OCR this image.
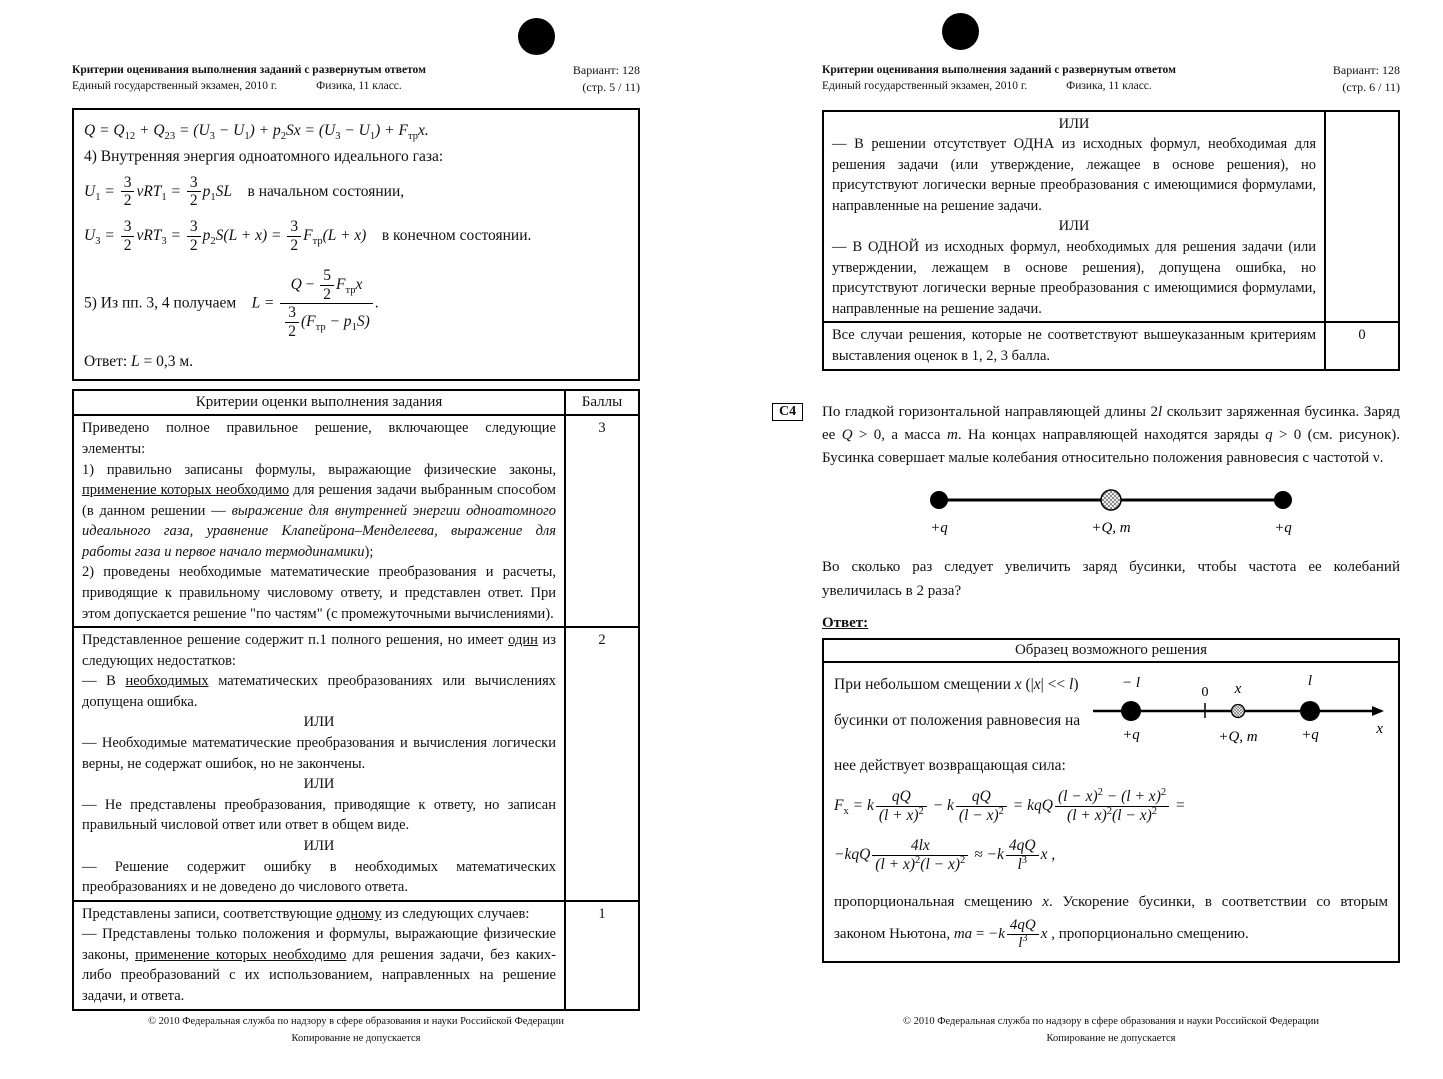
Критерии оценивания выполнения заданий с развернутым ответом
Единый государственный экзамен, 2010 г.	Физика, 11 класс.
Вариант: 128
(стр. 5 / 11)
$Q = Q_{12} + Q_{23} = (U_3 - U_1) + p_2Sx = (U_3 - U_1) + F_{тр}x$.
4) Внутренняя энергия одноатомного идеального газа:
$U_1 = \frac{3}{2} \nu RT_1 = \frac{3}{2} p_1SL$ в начальном состоянии,
$U_3 = \frac{3}{2} \nu RT_3 = \frac{3}{2} p_2S(L + x) = \frac{3}{2} F_{тр}(L + x)$ в конечном состоянии.
5) Из пп. 3, 4 получаем $L = \frac{Q - \frac{5}{2} F_{тр}x}{\frac{3}{2} (F_{тр} - p_1S)}$ .
Ответ: L = 0,3 м.
Критерии оценки выполнения задания	Баллы

Приведено полное правильное решение, включающее следующие элементы:
1) правильно записаны формулы, выражающие физические законы, применение которых необходимо для решения задачи выбранным способом (в данном решении — выражение для внутренней энергии одноатомного идеального газа, уравнение Клапейрона–Менделеева, выражение для работы газа и первое начало термодинамики);
2) проведены необходимые математические преобразования и расчеты, приводящие к правильному числовому ответу, и представлен ответ. При этом допускается решение "по частям" (с промежуточными вычислениями).	3

Представленное решение содержит п.1 полного решения, но имеет один из следующих недостатков:
— В необходимых математических преобразованиях или вычислениях допущена ошибка.
ИЛИ
— Необходимые математические преобразования и вычисления логически верны, не содержат ошибок, но не закончены.
ИЛИ
— Не представлены преобразования, приводящие к ответу, но записан правильный числовой ответ или ответ в общем виде.
ИЛИ
— Решение содержит ошибку в необходимых математических преобразованиях и не доведено до числового ответа.
	2

Представлены записи, соответствующие одному из следующих случаев:
— Представлены только положения и формулы, выражающие физические законы, применение которых необходимо для решения задачи, без каких-либо преобразований с их использованием, направленных на решение задачи, и ответа.	1
© 2010 Федеральная служба по надзору в сфере образования и науки Российской Федерации
Копирование не допускается
Критерии оценивания выполнения заданий с развернутым ответом
Единый государственный экзамен, 2010 г.	Физика, 11 класс.
Вариант: 128
(стр. 6 / 11)
ИЛИ
— В решении отсутствует ОДНА из исходных формул, необходимая для решения задачи (или утверждение, лежащее в основе решения), но присутствуют логически верные преобразования с имеющимися формулами, направленные на решение задачи.
ИЛИ
— В ОДНОЙ из исходных формул, необходимых для решения задачи (или утверждении, лежащем в основе решения), допущена ошибка, но присутствуют логически верные преобразования с имеющимися формулами, направленные на решение задачи.	

Все случаи решения, которые не соответствуют вышеуказанным критериям выставления оценок в 1, 2, 3 балла.	0
С4	По гладкой горизонтальной направляющей длины 2l скользит заряженная бусинка. Заряд ее Q > 0, а масса m. На концах направляющей находятся заряды q > 0 (см. рисунок). Бусинка совершает малые колебания относительно положения равновесия с частотой ν.
+q	+Q, m	+q
Во сколько раз следует увеличить заряд бусинки, чтобы частота ее колебаний увеличилась в 2 раза?
Ответ:
Образец возможного решения
При небольшом смещении x (|x| << l)
бусинки от положения равновесия на
− l
0 x	l
+q	+Q, m	+q	x
нее действует возвращающая сила:
$F_x = k \frac{qQ}{(l + x)^2} - k \frac{qQ}{(l - x)^2}$ = kqQ $\frac{(l - x)^2 - (l + x)^2}{(l + x)^2(l - x)^2}$ =
$-kqQ \frac{4lx}{(l + x)^2(l - x)^2} \approx -k \frac{4qQ}{l^3}$ x ,
пропорциональная смещению x. Ускорение бусинки, в соответствии со вторым законом Ньютона, ma = $-k \frac{4qQ}{l^3}$ x , пропорционально смещению.
© 2010 Федеральная служба по надзору в сфере образования и науки Российской Федерации
Копирование не допускается
